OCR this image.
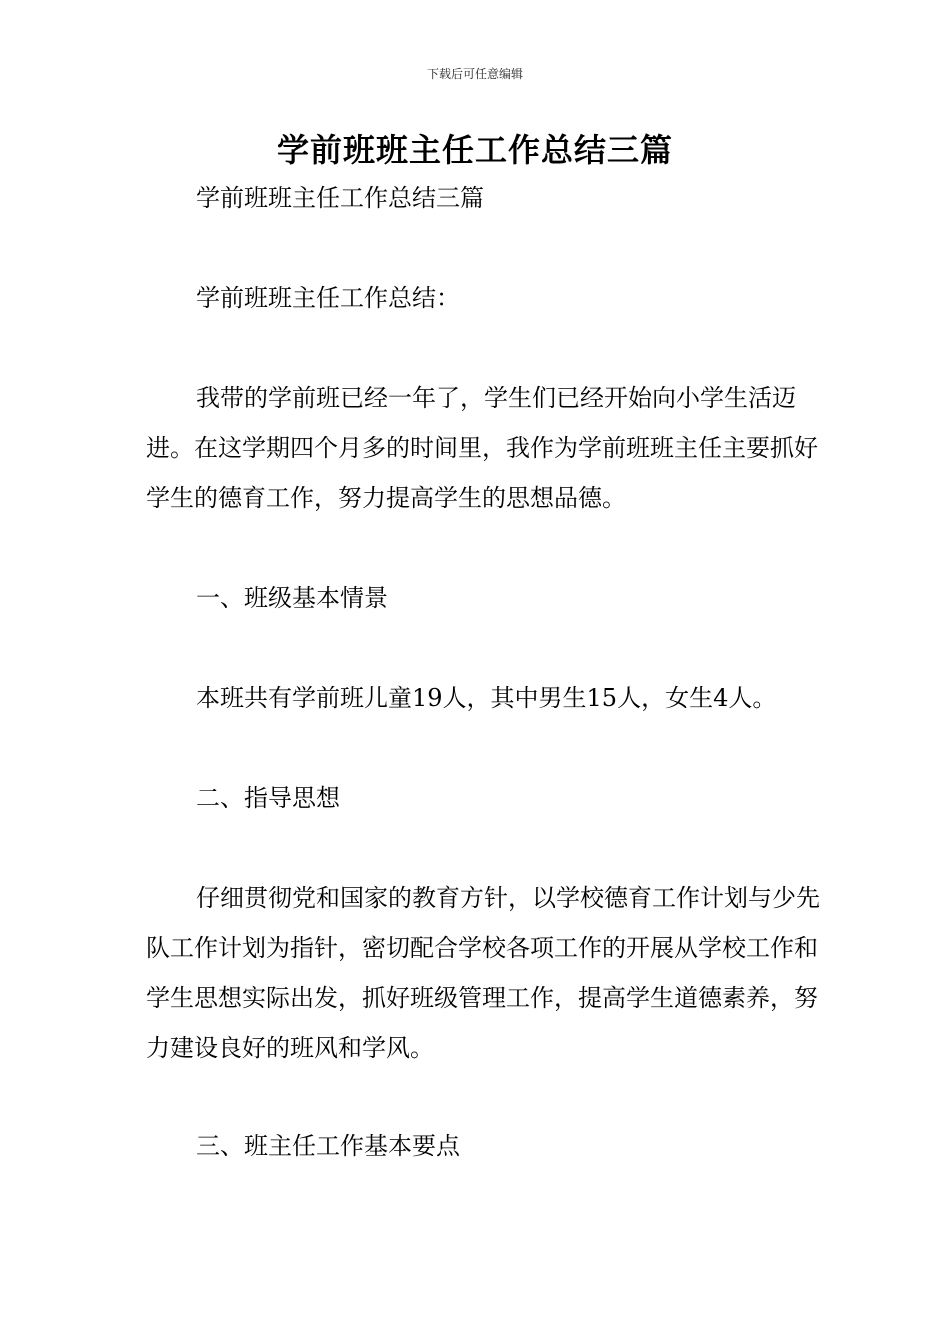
下载后可任意编辑
学前班班主任工作总结三篇

学前班班主任工作总结三篇

学前班班主任工作总结：

我带的学前班已经一年了，学生们已经开始向小学生活迈进。在这学期四个月多的时间里，我作为学前班班主任主要抓好学生的德育工作，努力提高学生的思想品德。

一、班级基本情景

本班共有学前班儿童19人，其中男生15人，女生4人。

二、指导思想

仔细贯彻党和国家的教育方针，以学校德育工作计划与少先队工作计划为指针，密切配合学校各项工作的开展从学校工作和学生思想实际出发，抓好班级管理工作，提高学生道德素养，努力建设良好的班风和学风。

三、班主任工作基本要点
